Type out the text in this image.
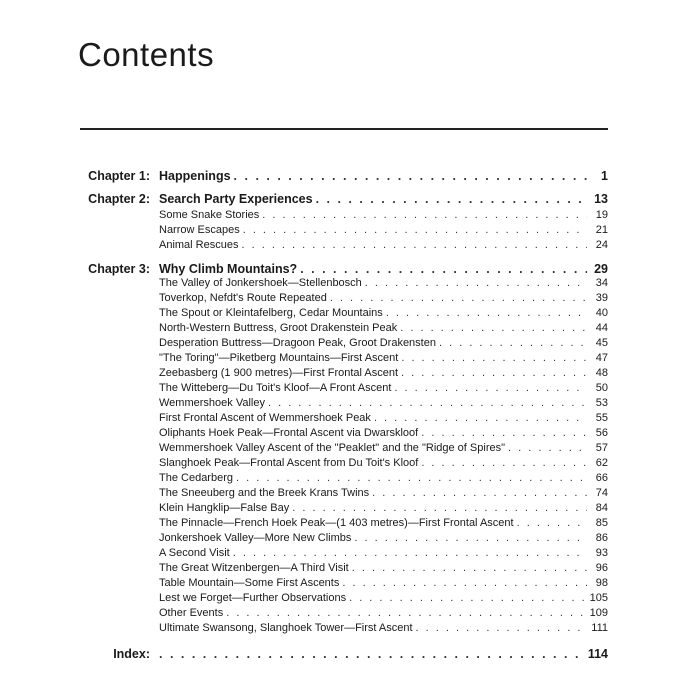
Contents
Chapter 1: Happenings . . .	1
Chapter 2: Search Party Experiences . . .	13
Some Snake Stories . . .	19
Narrow Escapes . . .	21
Animal Rescues . . .	24
Chapter 3: Why Climb Mountains? . . .	29
The Valley of Jonkershoek—Stellenbosch . . .	34
Toverkop, Nefdt's Route Repeated . . .	39
The Spout or Kleintafelberg, Cedar Mountains . . .	40
North-Western Buttress, Groot Drakenstein Peak . . .	44
Desperation Buttress—Dragoon Peak, Groot Drakensten . . .	45
"The Toring"—Piketberg Mountains—First Ascent . . .	47
Zeebasberg (1 900 metres)—First Frontal Ascent . . .	48
The Witteberg—Du Toit's Kloof—A Front Ascent . . .	50
Wemmershoek Valley . . .	53
First Frontal Ascent of Wemmershoek Peak . . .	55
Oliphants Hoek Peak—Frontal Ascent via Dwarskloof . . .	56
Wemmershoek Valley Ascent of the "Peaklet" and the "Ridge of Spires" . . .	57
Slanghoek Peak—Frontal Ascent from Du Toit's Kloof . . .	62
The Cedarberg . . .	66
The Sneeuberg and the Breek Krans Twins . . .	74
Klein Hangklip—False Bay . . .	84
The Pinnacle—French Hoek Peak—(1 403 metres)—First Frontal Ascent . . .	85
Jonkershoek Valley—More New Climbs . . .	86
A Second Visit . . .	93
The Great Witzenbergen—A Third Visit . . .	96
Table Mountain—Some First Ascents . . .	98
Lest we Forget—Further Observations . . .	105
Other Events . . .	109
Ultimate Swansong, Slanghoek Tower—First Ascent . . .	111
Index: . . .	114
